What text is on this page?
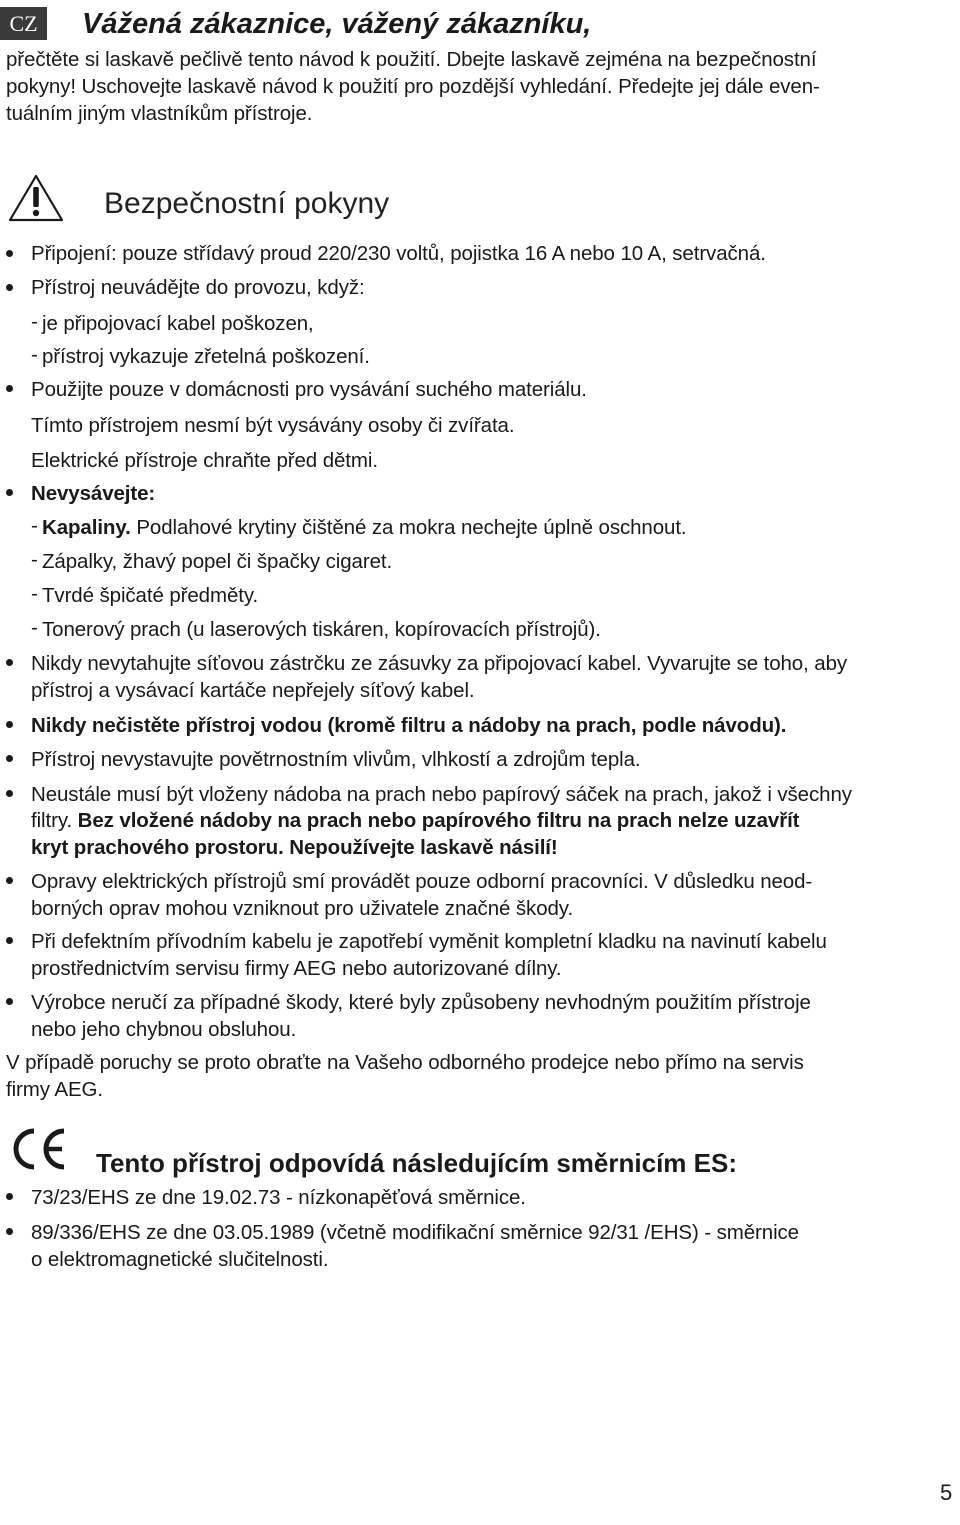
CZ	Vážená zákaznice, vážený zákazníku,
přečtěte si laskavě pečlivě tento návod k použití. Dbejte laskavě zejména na bezpečnostní
pokyny! Uschovejte laskavě návod k použití pro pozdější vyhledání. Předejte jej dále even-
tuálním jiným vlastníkům přístroje.
Bezpečnostní pokyny
Připojení: pouze střídavý proud 220/230 voltů, pojistka 16 A nebo 10 A, setrvačná.
Přístroj neuvádějte do provozu, když:
- je připojovací kabel poškozen,
- přístroj vykazuje zřetelná poškození.
Použijte pouze v domácnosti pro vysávání suchého materiálu.
Tímto přístrojem nesmí být vysávány osoby či zvířata.
Elektrické přístroje chraňte před dětmi.
Nevysávejte:
- Kapaliny. Podlahové krytiny čištěné za mokra nechejte úplně oschnout.
- Zápalky, žhavý popel či špačky cigaret.
- Tvrdé špičaté předměty.
- Tonerový prach (u laserových tiskáren, kopírovacích přístrojů).
Nikdy nevytahujte síťovou zástrčku ze zásuvky za připojovací kabel. Vyvarujte se toho, aby
přístroj a vysávací kartáče nepřejely síťový kabel.
Nikdy nečistěte přístroj vodou (kromě filtru a nádoby na prach, podle návodu).
Přístroj nevystavujte povětrnostním vlivům, vlhkostí a zdrojům tepla.
Neustále musí být vloženy nádoba na prach nebo papírový sáček na prach, jakož i všechny
filtry. Bez vložené nádoby na prach nebo papírového filtru na prach nelze uzavřít
kryt prachového prostoru. Nepoužívejte laskavě násilí!
Opravy elektrických přístrojů smí provádět pouze odborní pracovníci. V důsledku neod-
borných oprav mohou vzniknout pro uživatele značné škody.
Při defektním přívodním kabelu je zapotřebí vyměnit kompletní kladku na navinutí kabelu
prostřednictvím servisu firmy AEG nebo autorizované dílny.
Výrobce neručí za případné škody, které byly způsobeny nevhodným použitím přístroje
nebo jeho chybnou obsluhou.
V případě poruchy se proto obraťte na Vašeho odborného prodejce nebo přímo na servis
firmy AEG.
Tento přístroj odpovídá následujícím směrnicím ES:
73/23/EHS ze dne 19.02.73 - nízkonapěťová směrnice.
89/336/EHS ze dne 03.05.1989 (včetně modifikační směrnice 92/31 /EHS) - směrnice
o elektromagnetické slučitelnosti.
5
